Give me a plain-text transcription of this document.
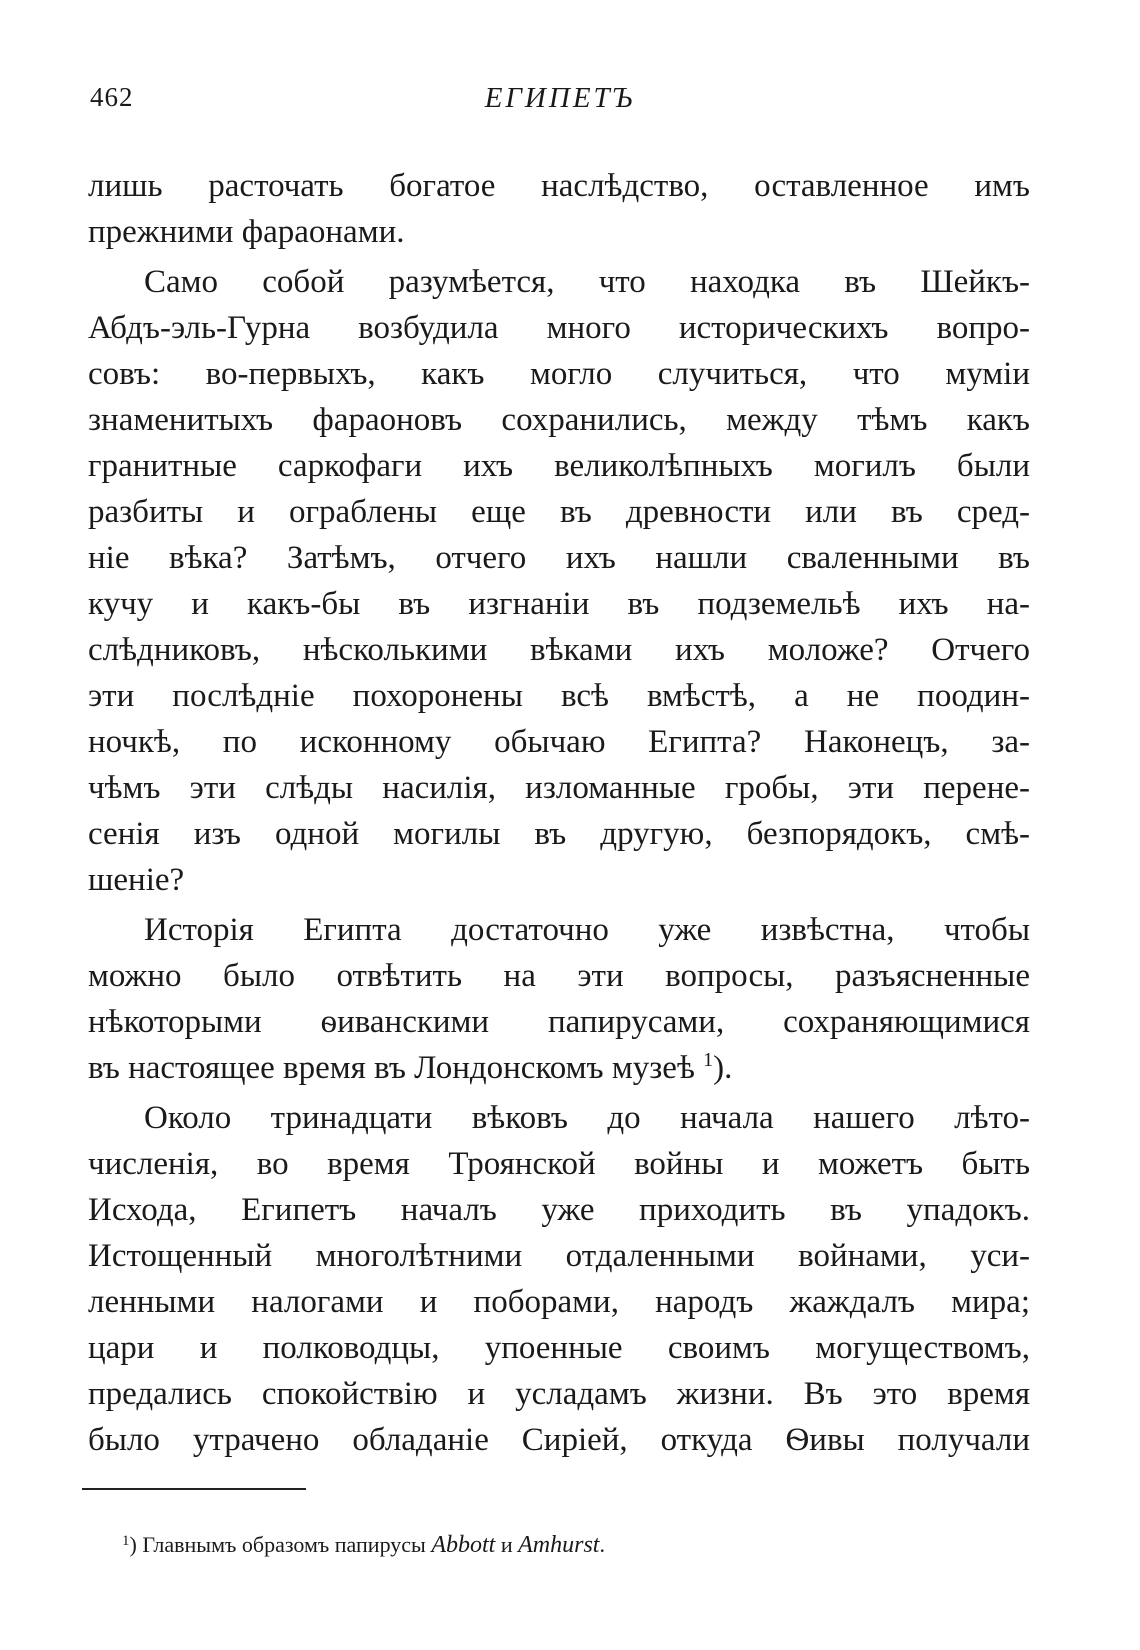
462	ЕГИПЕТЪ
лишь расточать богатое наслѣдство, оставленное имъ
прежними фараонами.
Само собой разумѣется, что находка въ Шейкъ-
Абдъ-эль-Гурна возбудила много историческихъ вопро-
совъ: во-первыхъ, какъ могло случиться, что муміи
знаменитыхъ фараоновъ сохранились, между тѣмъ какъ
гранитные саркофаги ихъ великолѣпныхъ могилъ были
разбиты и ограблены еще въ древности или въ сред-
ніе вѣка? Затѣмъ, отчего ихъ нашли сваленными въ
кучу и какъ-бы въ изгнаніи въ подземельѣ ихъ на-
слѣдниковъ, нѣсколькими вѣками ихъ моложе? Отчего
эти послѣдніе похоронены всѣ вмѣстѣ, а не поодин-
ночкѣ, по исконному обычаю Египта? Наконецъ, за-
чѣмъ эти слѣды насилія, изломанные гробы, эти перене-
сенія изъ одной могилы въ другую, безпорядокъ, смѣ-
шеніе?
Исторія Египта достаточно уже извѣстна, чтобы
можно было отвѣтить на эти вопросы, разъясненные
нѣкоторыми ѳиванскими папирусами, сохраняющимися
въ настоящее время въ Лондонскомъ музеѣ $^1$).
Около тринадцати вѣковъ до начала нашего лѣто-
численія, во время Троянской войны и можетъ быть
Исхода, Египетъ началъ уже приходить въ упадокъ.
Истощенный многолѣтними отдаленными войнами, уси-
ленными налогами и поборами, народъ жаждалъ мира;
цари и полководцы, упоенные своимъ могуществомъ,
предались спокойствію и усладамъ жизни. Въ это время
было утрачено обладаніе Сиріей, откуда Ѳивы получали
$^1$) Главнымъ образомъ папирусы Abbott и Amhurst.
